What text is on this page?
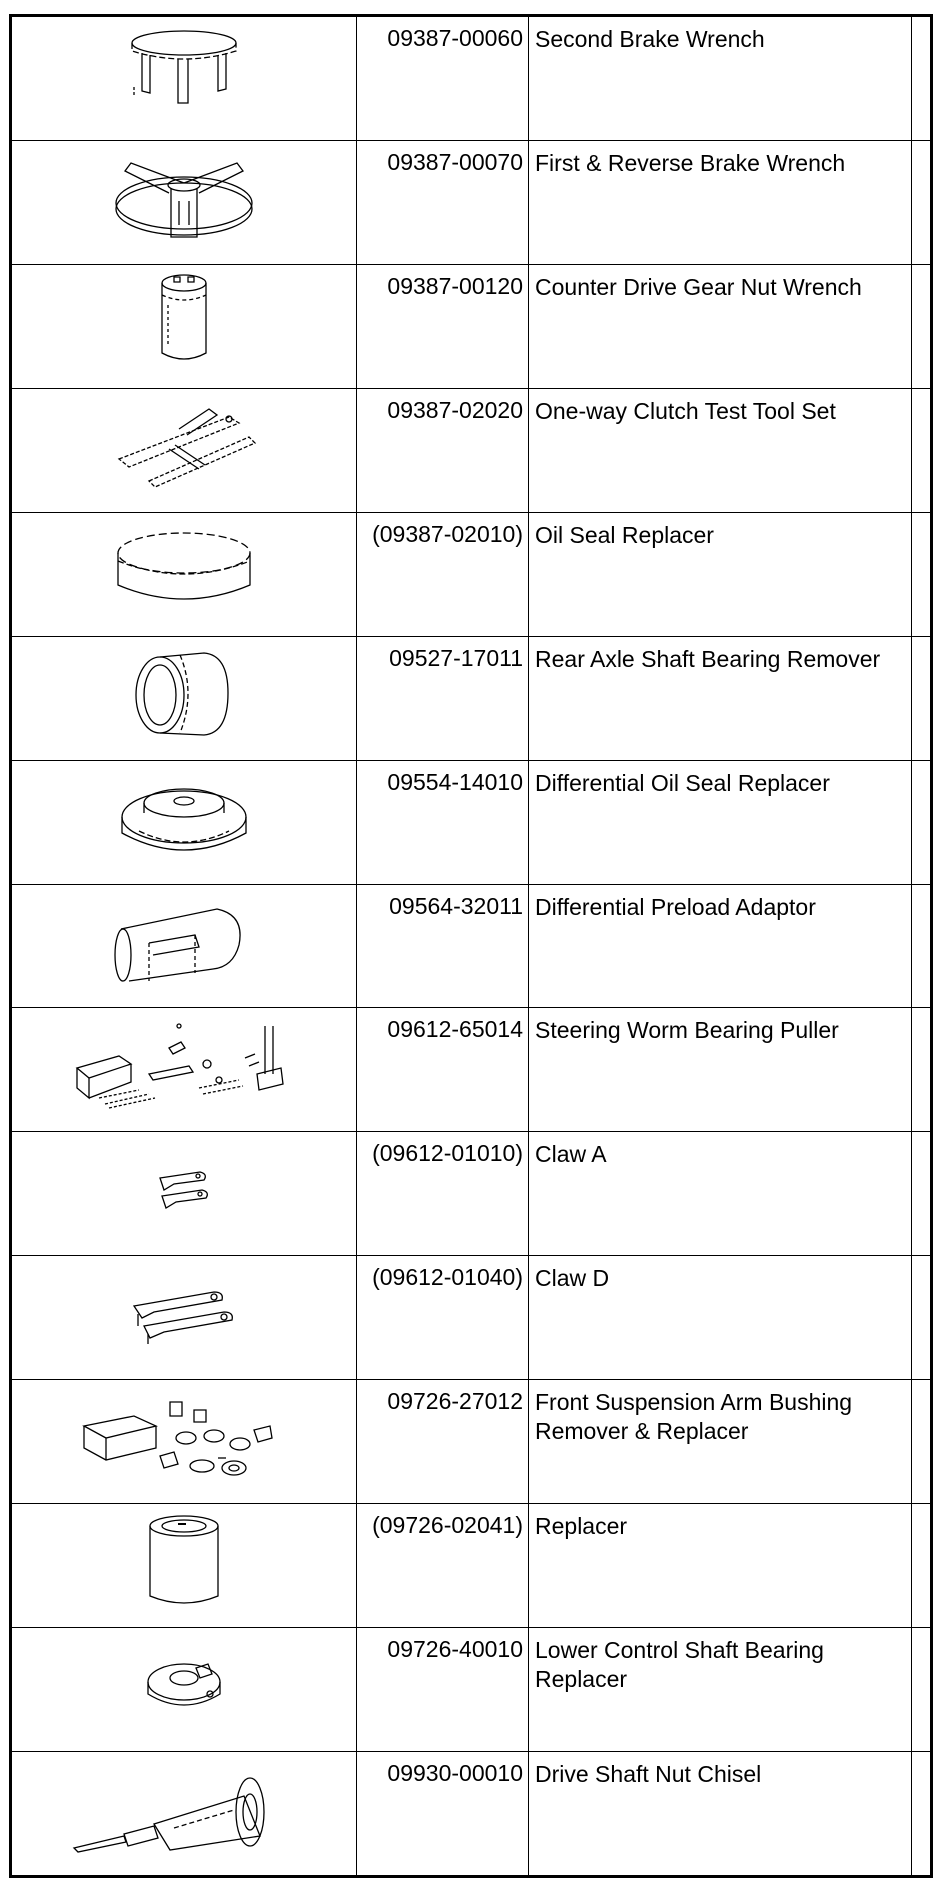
	09387-00060	Second Brake Wrench	

	09387-00070	First & Reverse Brake Wrench	

	09387-00120	Counter Drive Gear Nut Wrench	

	09387-02020	One-way Clutch Test Tool Set	

	(09387-02010)	Oil Seal Replacer	

	09527-17011	Rear Axle Shaft Bearing Remover	

	09554-14010	Differential Oil Seal Replacer	

	09564-32011	Differential Preload Adaptor	

	09612-65014	Steering Worm Bearing Puller	

	(09612-01010)	Claw A	

	(09612-01040)	Claw D	

	09726-27012	Front Suspension Arm Bushing Remover & Replacer	

	(09726-02041)	Replacer	

	09726-40010	Lower Control Shaft Bearing Replacer	

	09930-00010	Drive Shaft Nut Chisel	
